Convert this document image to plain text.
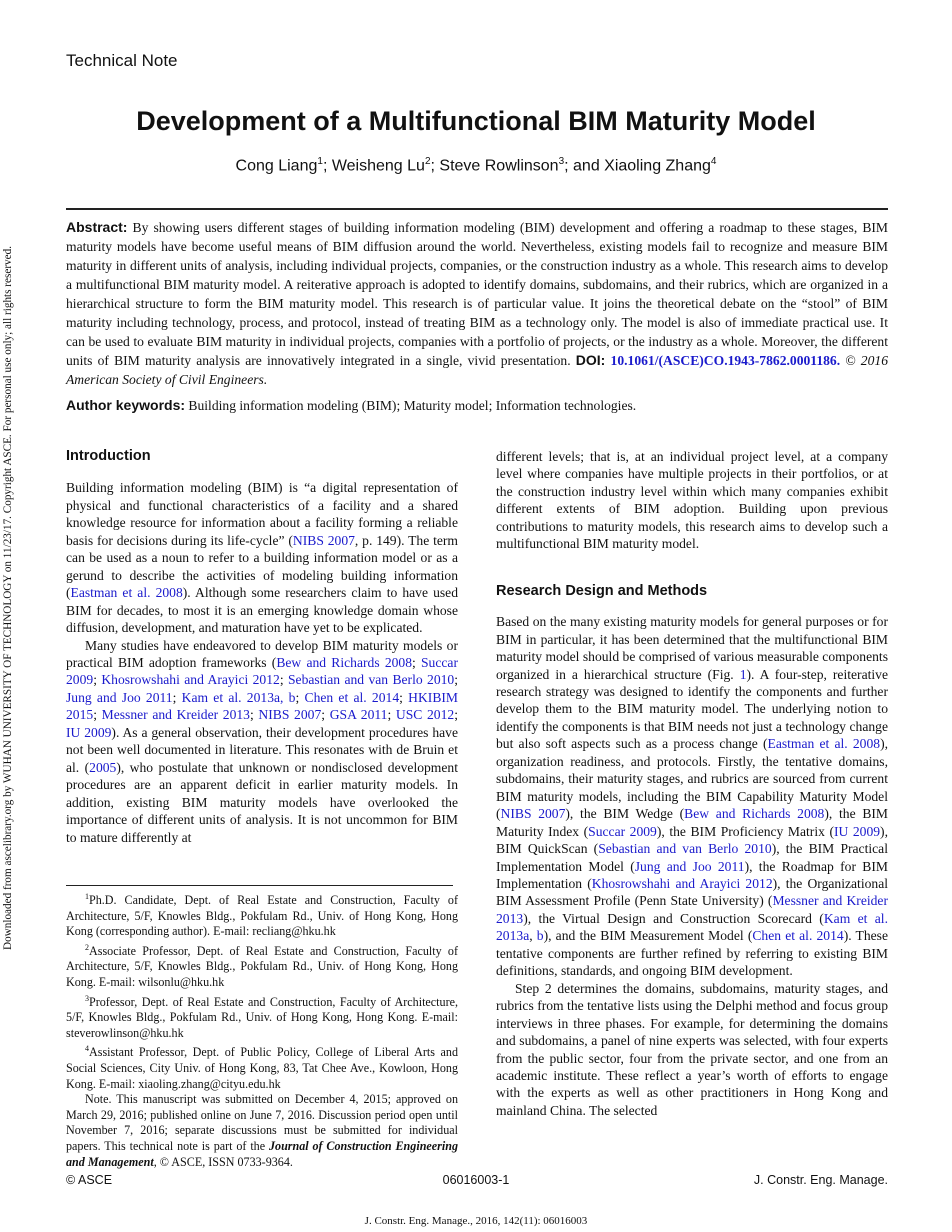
Downloaded from ascelibrary.org by WUHAN UNIVERSITY OF TECHNOLOGY on 11/23/17. Copyright ASCE. For personal use only; all rights reserved.
Technical Note
Development of a Multifunctional BIM Maturity Model
Cong Liang$^1$; Weisheng Lu$^2$; Steve Rowlinson$^3$; and Xiaoling Zhang$^4$
Abstract: By showing users different stages of building information modeling (BIM) development and offering a roadmap to these stages, BIM maturity models have become useful means of BIM diffusion around the world. Nevertheless, existing models fail to recognize and measure BIM maturity in different units of analysis, including individual projects, companies, or the construction industry as a whole. This research aims to develop a multifunctional BIM maturity model. A reiterative approach is adopted to identify domains, subdomains, and their rubrics, which are organized in a hierarchical structure to form the BIM maturity model. This research is of particular value. It joins the theoretical debate on the “stool” of BIM maturity including technology, process, and protocol, instead of treating BIM as a technology only. The model is also of immediate practical use. It can be used to evaluate BIM maturity in individual projects, companies with a portfolio of projects, or the industry as a whole. Moreover, the different units of BIM maturity analysis are innovatively integrated in a single, vivid presentation. DOI: 10.1061/(ASCE)CO.1943-7862.0001186. © 2016 American Society of Civil Engineers.
Author keywords: Building information modeling (BIM); Maturity model; Information technologies.
Introduction

Building information modeling (BIM) is “a digital representation of physical and functional characteristics of a facility and a shared knowledge resource for information about a facility forming a reliable basis for decisions during its life-cycle” (NIBS 2007, p. 149). The term can be used as a noun to refer to a building information model or as a gerund to describe the activities of modeling building information (Eastman et al. 2008). Although some researchers claim to have used BIM for decades, to most it is an emerging knowledge domain whose diffusion, development, and maturation have yet to be explicated.

Many studies have endeavored to develop BIM maturity models or practical BIM adoption frameworks (Bew and Richards 2008; Succar 2009; Khosrowshahi and Arayici 2012; Sebastian and van Berlo 2010; Jung and Joo 2011; Kam et al. 2013a, b; Chen et al. 2014; HKIBIM 2015; Messner and Kreider 2013; NIBS 2007; GSA 2011; USC 2012; IU 2009). As a general observation, their development procedures have not been well documented in literature. This resonates with de Bruin et al. (2005), who postulate that unknown or nondisclosed development procedures are an apparent deficit in earlier maturity models. In addition, existing BIM maturity models have overlooked the importance of different units of analysis. It is not uncommon for BIM to mature differently at

different levels; that is, at an individual project level, at a company level where companies have multiple projects in their portfolios, or at the construction industry level within which many companies exhibit different extents of BIM adoption. Building upon previous contributions to maturity models, this research aims to develop such a multifunctional BIM maturity model.

Research Design and Methods

Based on the many existing maturity models for general purposes or for BIM in particular, it has been determined that the multifunctional BIM maturity model should be comprised of various measurable components organized in a hierarchical structure (Fig. 1). A four-step, reiterative research strategy was designed to identify the components and further develop them to the BIM maturity model. The underlying notion to identify the components is that BIM needs not just a technology change but also soft aspects such as a process change (Eastman et al. 2008), organization readiness, and protocols. Firstly, the tentative domains, subdomains, their maturity stages, and rubrics are sourced from current BIM maturity models, including the BIM Capability Maturity Model (NIBS 2007), the BIM Wedge (Bew and Richards 2008), the BIM Maturity Index (Succar 2009), the BIM Proficiency Matrix (IU 2009), BIM QuickScan (Sebastian and van Berlo 2010), the BIM Practical Implementation Model (Jung and Joo 2011), the Roadmap for BIM Implementation (Khosrowshahi and Arayici 2012), the Organizational BIM Assessment Profile (Penn State University) (Messner and Kreider 2013), the Virtual Design and Construction Scorecard (Kam et al. 2013a, b), and the BIM Measurement Model (Chen et al. 2014). These tentative components are further refined by referring to existing BIM definitions, standards, and ongoing BIM development.

Step 2 determines the domains, subdomains, maturity stages, and rubrics from the tentative lists using the Delphi method and focus group interviews in three phases. For example, for determining the domains and subdomains, a panel of nine experts was selected, with four experts from the public sector, four from the private sector, and one from an academic institute. These reflect a year’s worth of efforts to engage with the experts as well as other practitioners in Hong Kong and mainland China. The selected

$^1$Ph.D. Candidate, Dept. of Real Estate and Construction, Faculty of Architecture, 5/F, Knowles Bldg., Pokfulam Rd., Univ. of Hong Kong, Hong Kong (corresponding author). E-mail: recliang@hku.hk

$^2$Associate Professor, Dept. of Real Estate and Construction, Faculty of Architecture, 5/F, Knowles Bldg., Pokfulam Rd., Univ. of Hong Kong, Hong Kong. E-mail: wilsonlu@hku.hk

$^3$Professor, Dept. of Real Estate and Construction, Faculty of Architecture, 5/F, Knowles Bldg., Pokfulam Rd., Univ. of Hong Kong, Hong Kong. E-mail: steverowlinson@hku.hk

$^4$Assistant Professor, Dept. of Public Policy, College of Liberal Arts and Social Sciences, City Univ. of Hong Kong, 83, Tat Chee Ave., Kowloon, Hong Kong. E-mail: xiaoling.zhang@cityu.edu.hk

Note. This manuscript was submitted on December 4, 2015; approved on March 29, 2016; published online on June 7, 2016. Discussion period open until November 7, 2016; separate discussions must be submitted for individual papers. This technical note is part of the Journal of Construction Engineering and Management, © ASCE, ISSN 0733-9364.

© ASCE	06016003-1	J. Constr. Eng. Manage.
J. Constr. Eng. Manage., 2016, 142(11): 06016003
